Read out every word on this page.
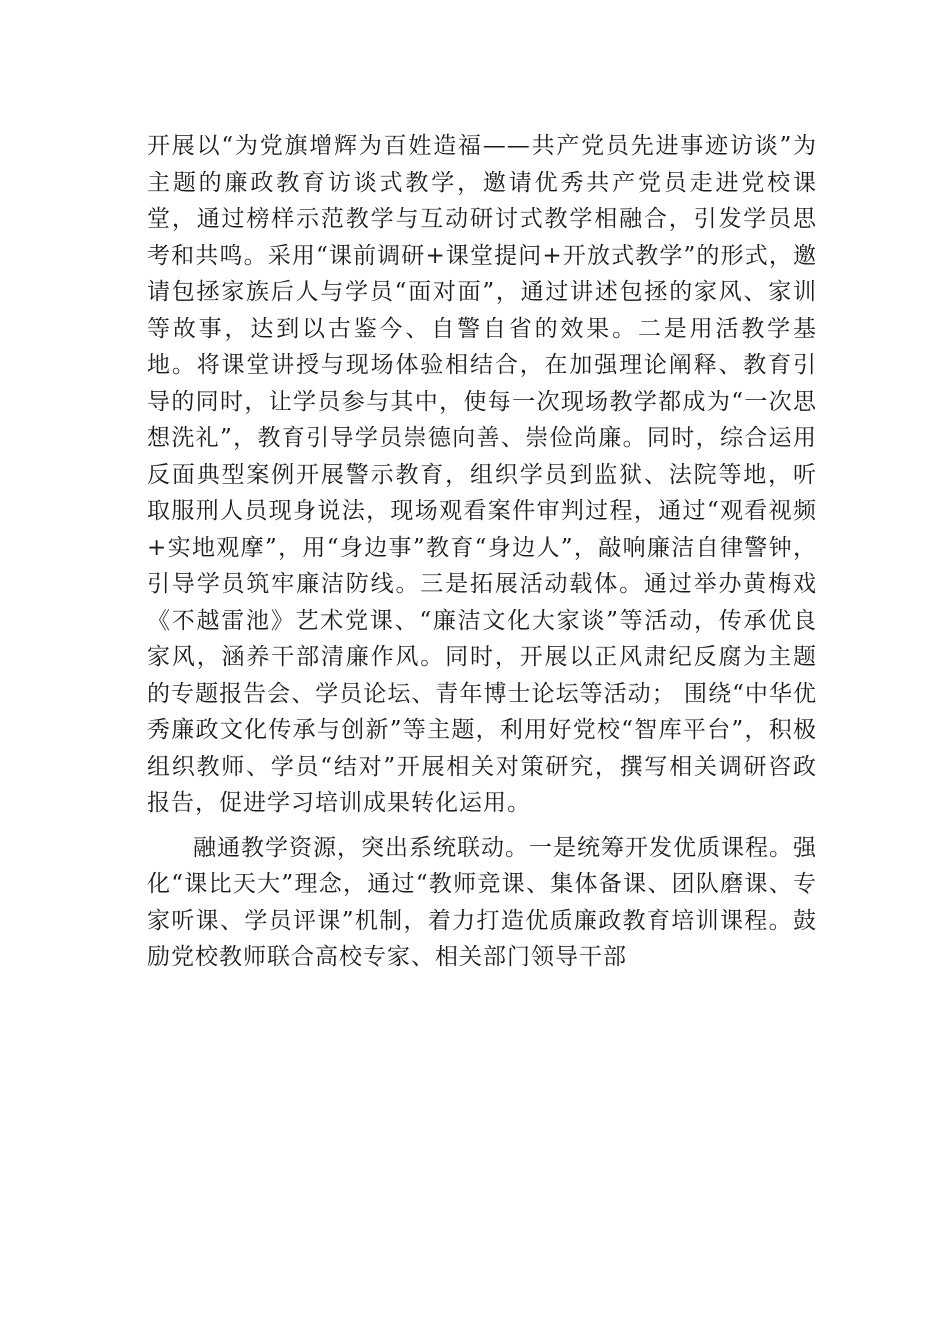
开展以“为党旗增辉为百姓造福——共产党员先进事迹访谈”为主题的廉政教育访谈式教学，邀请优秀共产党员走进党校课堂，通过榜样示范教学与互动研讨式教学相融合，引发学员思考和共鸣。采用“课前调研+课堂提问+开放式教学”的形式，邀请包拯家族后人与学员“面对面”，通过讲述包拯的家风、家训等故事，达到以古鉴今、自警自省的效果。二是用活教学基地。将课堂讲授与现场体验相结合，在加强理论阐释、教育引导的同时，让学员参与其中，使每一次现场教学都成为“一次思想洗礼”，教育引导学员崇德向善、崇俭尚廉。同时，综合运用反面典型案例开展警示教育，组织学员到监狱、法院等地，听取服刑人员现身说法，现场观看案件审判过程，通过“观看视频+实地观摩”，用“身边事”教育“身边人”，敲响廉洁自律警钟，引导学员筑牢廉洁防线。三是拓展活动载体。通过举办黄梅戏《不越雷池》艺术党课、“廉洁文化大家谈”等活动，传承优良家风，涵养干部清廉作风。同时，开展以正风肃纪反腐为主题的专题报告会、学员论坛、青年博士论坛等活动； 围绕“中华优秀廉政文化传承与创新”等主题，利用好党校“智库平台”，积极组织教师、学员“结对”开展相关对策研究，撰写相关调研咨政报告，促进学习培训成果转化运用。

融通教学资源，突出系统联动。一是统筹开发优质课程。强化“课比天大”理念，通过“教师竞课、集体备课、团队磨课、专家听课、学员评课”机制，着力打造优质廉政教育培训课程。鼓励党校教师联合高校专家、相关部门领导干部
